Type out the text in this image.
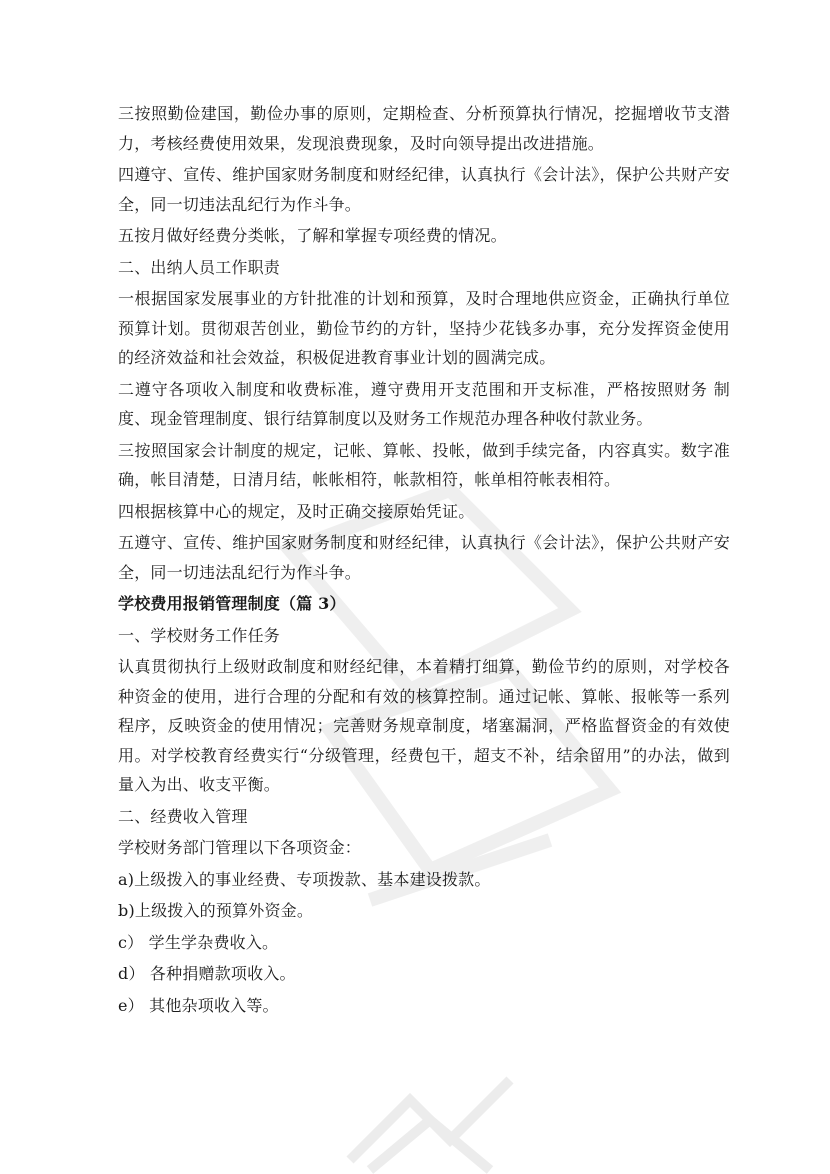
三按照勤俭建国，勤俭办事的原则，定期检查、分析预算执行情况，挖掘增收节支潜力，考核经费使用效果，发现浪费现象，及时向领导提出改进措施。

四遵守、宣传、维护国家财务制度和财经纪律，认真执行《会计法》，保护公共财产安全，同一切违法乱纪行为作斗争。

五按月做好经费分类帐，了解和掌握专项经费的情况。

二、出纳人员工作职责

一根据国家发展事业的方针批准的计划和预算，及时合理地供应资金，正确执行单位预算计划。贯彻艰苦创业，勤俭节约的方针，坚持少花钱多办事，充分发挥资金使用的经济效益和社会效益，积极促进教育事业计划的圆满完成。

二遵守各项收入制度和收费标准，遵守费用开支范围和开支标准，严格按照财务 制度、现金管理制度、银行结算制度以及财务工作规范办理各种收付款业务。

三按照国家会计制度的规定，记帐、算帐、投帐，做到手续完备，内容真实。数字准确，帐目清楚，日清月结，帐帐相符，帐款相符，帐单相符帐表相符。

四根据核算中心的规定，及时正确交接原始凭证。

五遵守、宣传、维护国家财务制度和财经纪律，认真执行《会计法》，保护公共财产安全，同一切违法乱纪行为作斗争。

学校费用报销管理制度（篇 3）

一、学校财务工作任务

认真贯彻执行上级财政制度和财经纪律，本着精打细算，勤俭节约的原则，对学校各种资金的使用，进行合理的分配和有效的核算控制。通过记帐、算帐、报帐等一系列程序，反映资金的使用情况；完善财务规章制度，堵塞漏洞，严格监督资金的有效使用。对学校教育经费实行“分级管理，经费包干，超支不补，结余留用”的办法，做到量入为出、收支平衡。

二、经费收入管理

学校财务部门管理以下各项资金：

a)上级拨入的事业经费、专项拨款、基本建设拨款。

b)上级拨入的预算外资金。

c） 学生学杂费收入。

d） 各种捐赠款项收入。

e） 其他杂项收入等。
